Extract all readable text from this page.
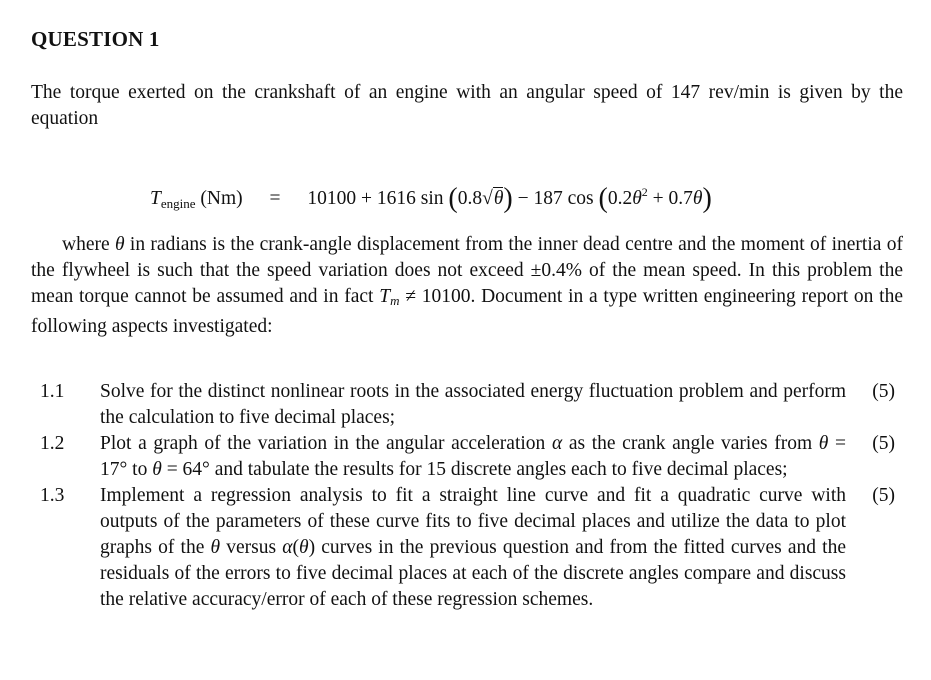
QUESTION 1
The torque exerted on the crankshaft of an engine with an angular speed of 147 rev/min is given by the equation
$T_{engine}$ (Nm) = 10100 + 1616 sin (0.8√θ) − 187 $\cos (0.2\theta^2 + 0.7\theta)$
where θ in radians is the crank-angle displacement from the inner dead centre and the moment of inertia of the flywheel is such that the speed variation does not exceed ±0.4% of the mean speed. In this problem the mean torque cannot be assumed and in fact $T_m \ne 10100$. Document in a type written engineering report on the following aspects investigated:
1.1 Solve for the distinct nonlinear roots in the associated energy fluctuation problem and perform the calculation to five decimal places;
(5)
1.2 Plot a graph of the variation in the angular acceleration α as the crank angle varies from θ = 17° to θ = 64° and tabulate the results for 15 discrete angles each to five decimal places;
(5)
1.3 Implement a regression analysis to fit a straight line curve and fit a quadratic curve with outputs of the parameters of these curve fits to five decimal places and utilize the data to plot graphs of the θ versus α(θ) curves in the previous question and from the fitted curves and the residuals of the errors to five decimal places at each of the discrete angles compare and discuss the relative accuracy/error of each of these regression schemes.
(5)
